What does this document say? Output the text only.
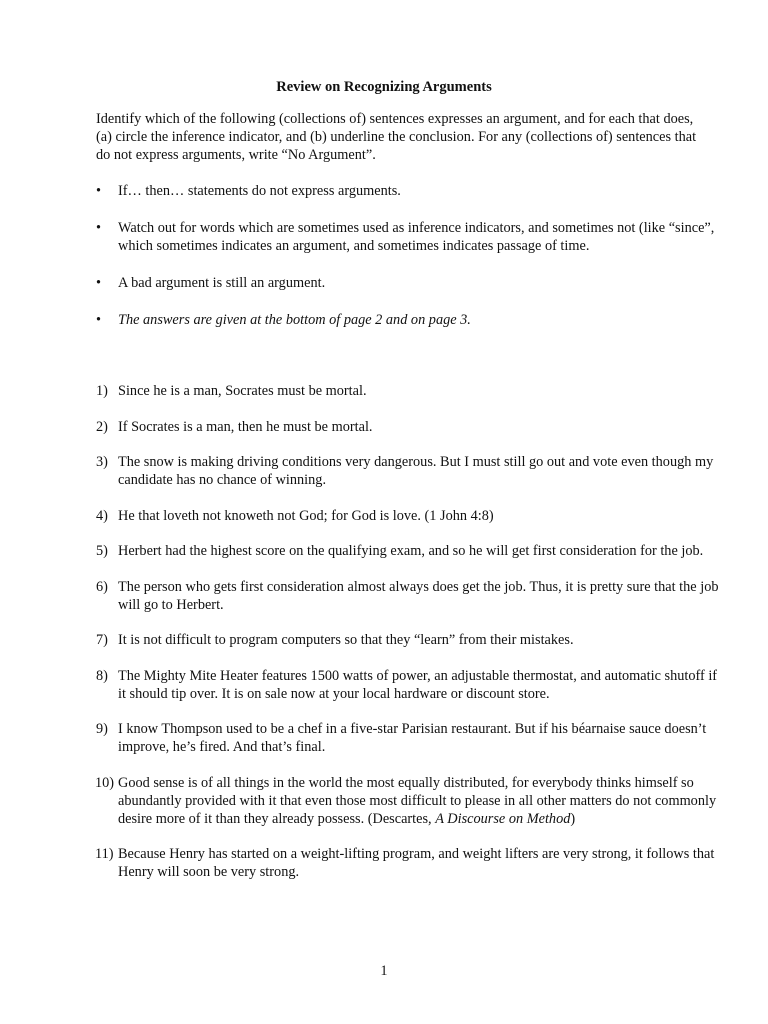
Review on Recognizing Arguments
Identify which of the following (collections of) sentences expresses an argument, and for each that does, (a) circle the inference indicator, and (b) underline the conclusion. For any (collections of) sentences that do not express arguments, write “No Argument”.
• If… then… statements do not express arguments.
• Watch out for words which are sometimes used as inference indicators, and sometimes not (like “since”, which sometimes indicates an argument, and sometimes indicates passage of time.
• A bad argument is still an argument.
• The answers are given at the bottom of page 2 and on page 3.
1) Since he is a man, Socrates must be mortal.
2) If Socrates is a man, then he must be mortal.
3) The snow is making driving conditions very dangerous. But I must still go out and vote even though my candidate has no chance of winning.
4) He that loveth not knoweth not God; for God is love. (1 John 4:8)
5) Herbert had the highest score on the qualifying exam, and so he will get first consideration for the job.
6) The person who gets first consideration almost always does get the job. Thus, it is pretty sure that the job will go to Herbert.
7) It is not difficult to program computers so that they “learn” from their mistakes.
8) The Mighty Mite Heater features 1500 watts of power, an adjustable thermostat, and automatic shutoff if it should tip over. It is on sale now at your local hardware or discount store.
9) I know Thompson used to be a chef in a five-star Parisian restaurant. But if his béarnaise sauce doesn’t improve, he’s fired. And that’s final.
10) Good sense is of all things in the world the most equally distributed, for everybody thinks himself so abundantly provided with it that even those most difficult to please in all other matters do not commonly desire more of it than they already possess. (Descartes, A Discourse on Method)
11) Because Henry has started on a weight-lifting program, and weight lifters are very strong, it follows that Henry will soon be very strong.
1
